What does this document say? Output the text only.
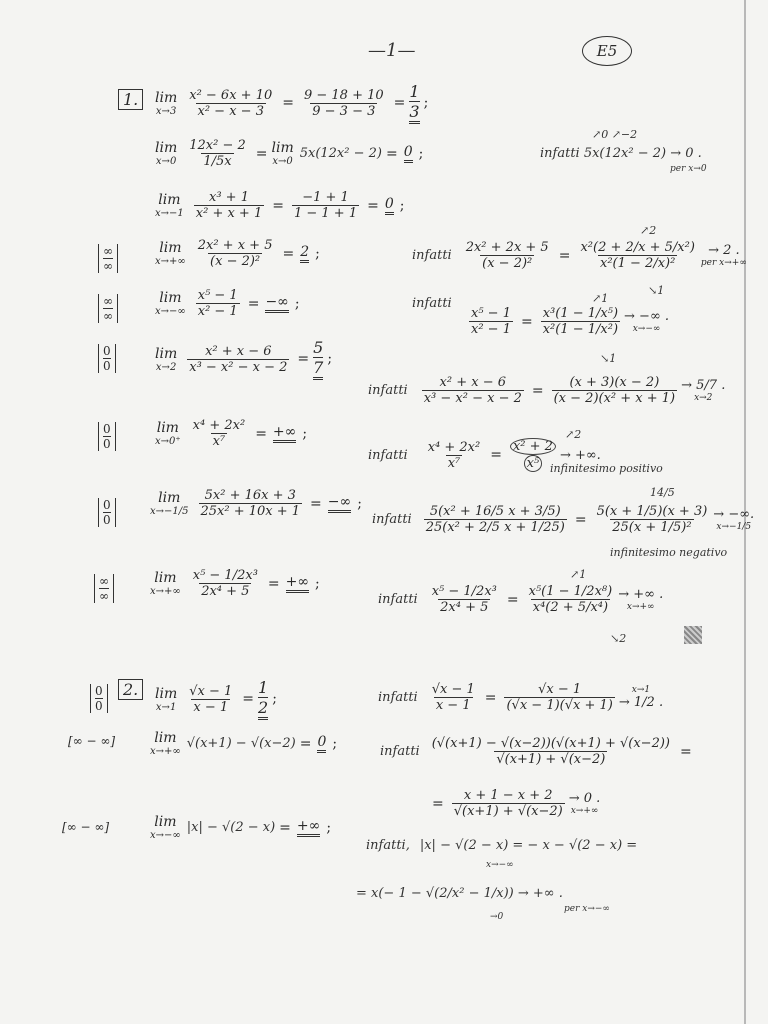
—1—	E5
1.	lim
$x\to 3 \frac{\text{x² − 6x + 10}}{\text{x² − x − 3}} = \frac{9 - 18 + 10}{9 - 3 - 3} = \frac{1}{3}$ ;
lim
$x\to 0 \frac{\text{12x² − 2}}{1/5x} = \lim$
x→0
5x(12x² − 2) = 0 ;
↗0 ↗−2
infatti 5x(12x² − 2) → 0 .
per x→0
lim
$x\to-1 \frac{\text{x³ + 1}}{\text{x² + x + 1}} = \frac{-1 + 1}{1 - 1 + 1} = 0$ ;
∞
∞
lim
$x\to+\infty \frac{\text{2x² + x + 5}}{\text{(x − 2)²}} = 2$ ;	infatti $\frac{\text{2x² + 2x + 5}}{\text{(x − 2)²}} = \frac{\text{x²(2 + 2/x + 5/x²)}}{\text{x²(1 − 2/x)²}} \to 2$ .
per x→+∞
↗2
↘1
∞
∞
lim
$x\to-\infty \frac{\text{x⁵ − 1}}{\text{x² − 1}}$ = −∞ ;	infatti
$\frac{\text{x⁵ − 1}}{\text{x² − 1}} = \frac{\text{x³(1 − 1/x⁵)}}{\text{x²(1 − 1/x²)}}$ → −∞ .
x→−∞
↗1
↘1
$\frac{0}{0}$	lim
$x\to 2 \frac{\text{x² + x − 6}}{\text{x³ − x² − x − 2}} = \frac{5}{7}$ ;
infatti $\frac{\text{x² + x − 6}}{\text{x³ − x² − x − 2}} = \frac{(x + 3)(x - 2)}{\text{(x − 2)(x² + x + 1)}} \to 5/7$ .
x→2
$\frac{0}{0}$	lim
$x\to 0^+ \frac{\text{x⁴ + 2x²}}{\text{x⁷}}$ = +∞ ;
infatti $\frac{\text{x⁴ + 2x²}}{\text{x⁷}} = \frac{\text{x² + 2}}{\text{x⁵}}$ → +∞.
↗2
infinitesimo positivo
$\frac{0}{0}$	lim
$x\to-1/5 \frac{\text{5x² + 16x + 3}}{\text{25x² + 10x + 1}}$ = −∞ ;
infatti $\frac{\text{5(x² + 16/5 x + 3/5)}}{\text{25(x² + 2/5 x + 1/25)}} = \frac{5(x + 1/5)(x + 3)}{\text{25(x + 1/5)²}}$ → −∞.
x→−1/5
14/5
infinitesimo negativo
∞
∞
lim
$x\to+\infty \frac{\text{x⁵ − 1/2x³}}{\text{2x⁴ + 5}}$ = +∞ ;
infatti $\frac{\text{x⁵ − 1/2x³}}{\text{2x⁴ + 5}} = \frac{\text{x⁵(1 − 1/2x⁸)}}{\text{x⁴(2 + 5/x⁴)}}$ → +∞ .
x→+∞
↗1
↘2
$\frac{0}{0} 2$.	lim
$x\to 1 \frac{√x - 1}{x - 1} = \frac{1}{2}$ ;	infatti $\frac{√x - 1}{x - 1} = \frac{√x - 1}{(√x - 1)(√x + 1)} x\to 1$
→ 1/2 .
[∞ − ∞]	lim
x→+∞
√(x+1) − √(x−2) = 0 ;	infatti $\frac{(√(x+1) - √(x-2))(√(x+1) + √(x-2))}{√(x+1) + √(x-2)}$ =
= $\frac{x + 1 - x + 2}{√(x+1) + √(x-2)} \to 0$ .
x→+∞
[∞ − ∞]	lim
x→−∞
|x| − √(2 − x) = +∞ ;
infatti, |x| − √(2 − x) = − x − √(2 − x) =
x→−∞
= x(− 1 − √(2/x² − 1/x)) → +∞ .
per x→−∞
→0
